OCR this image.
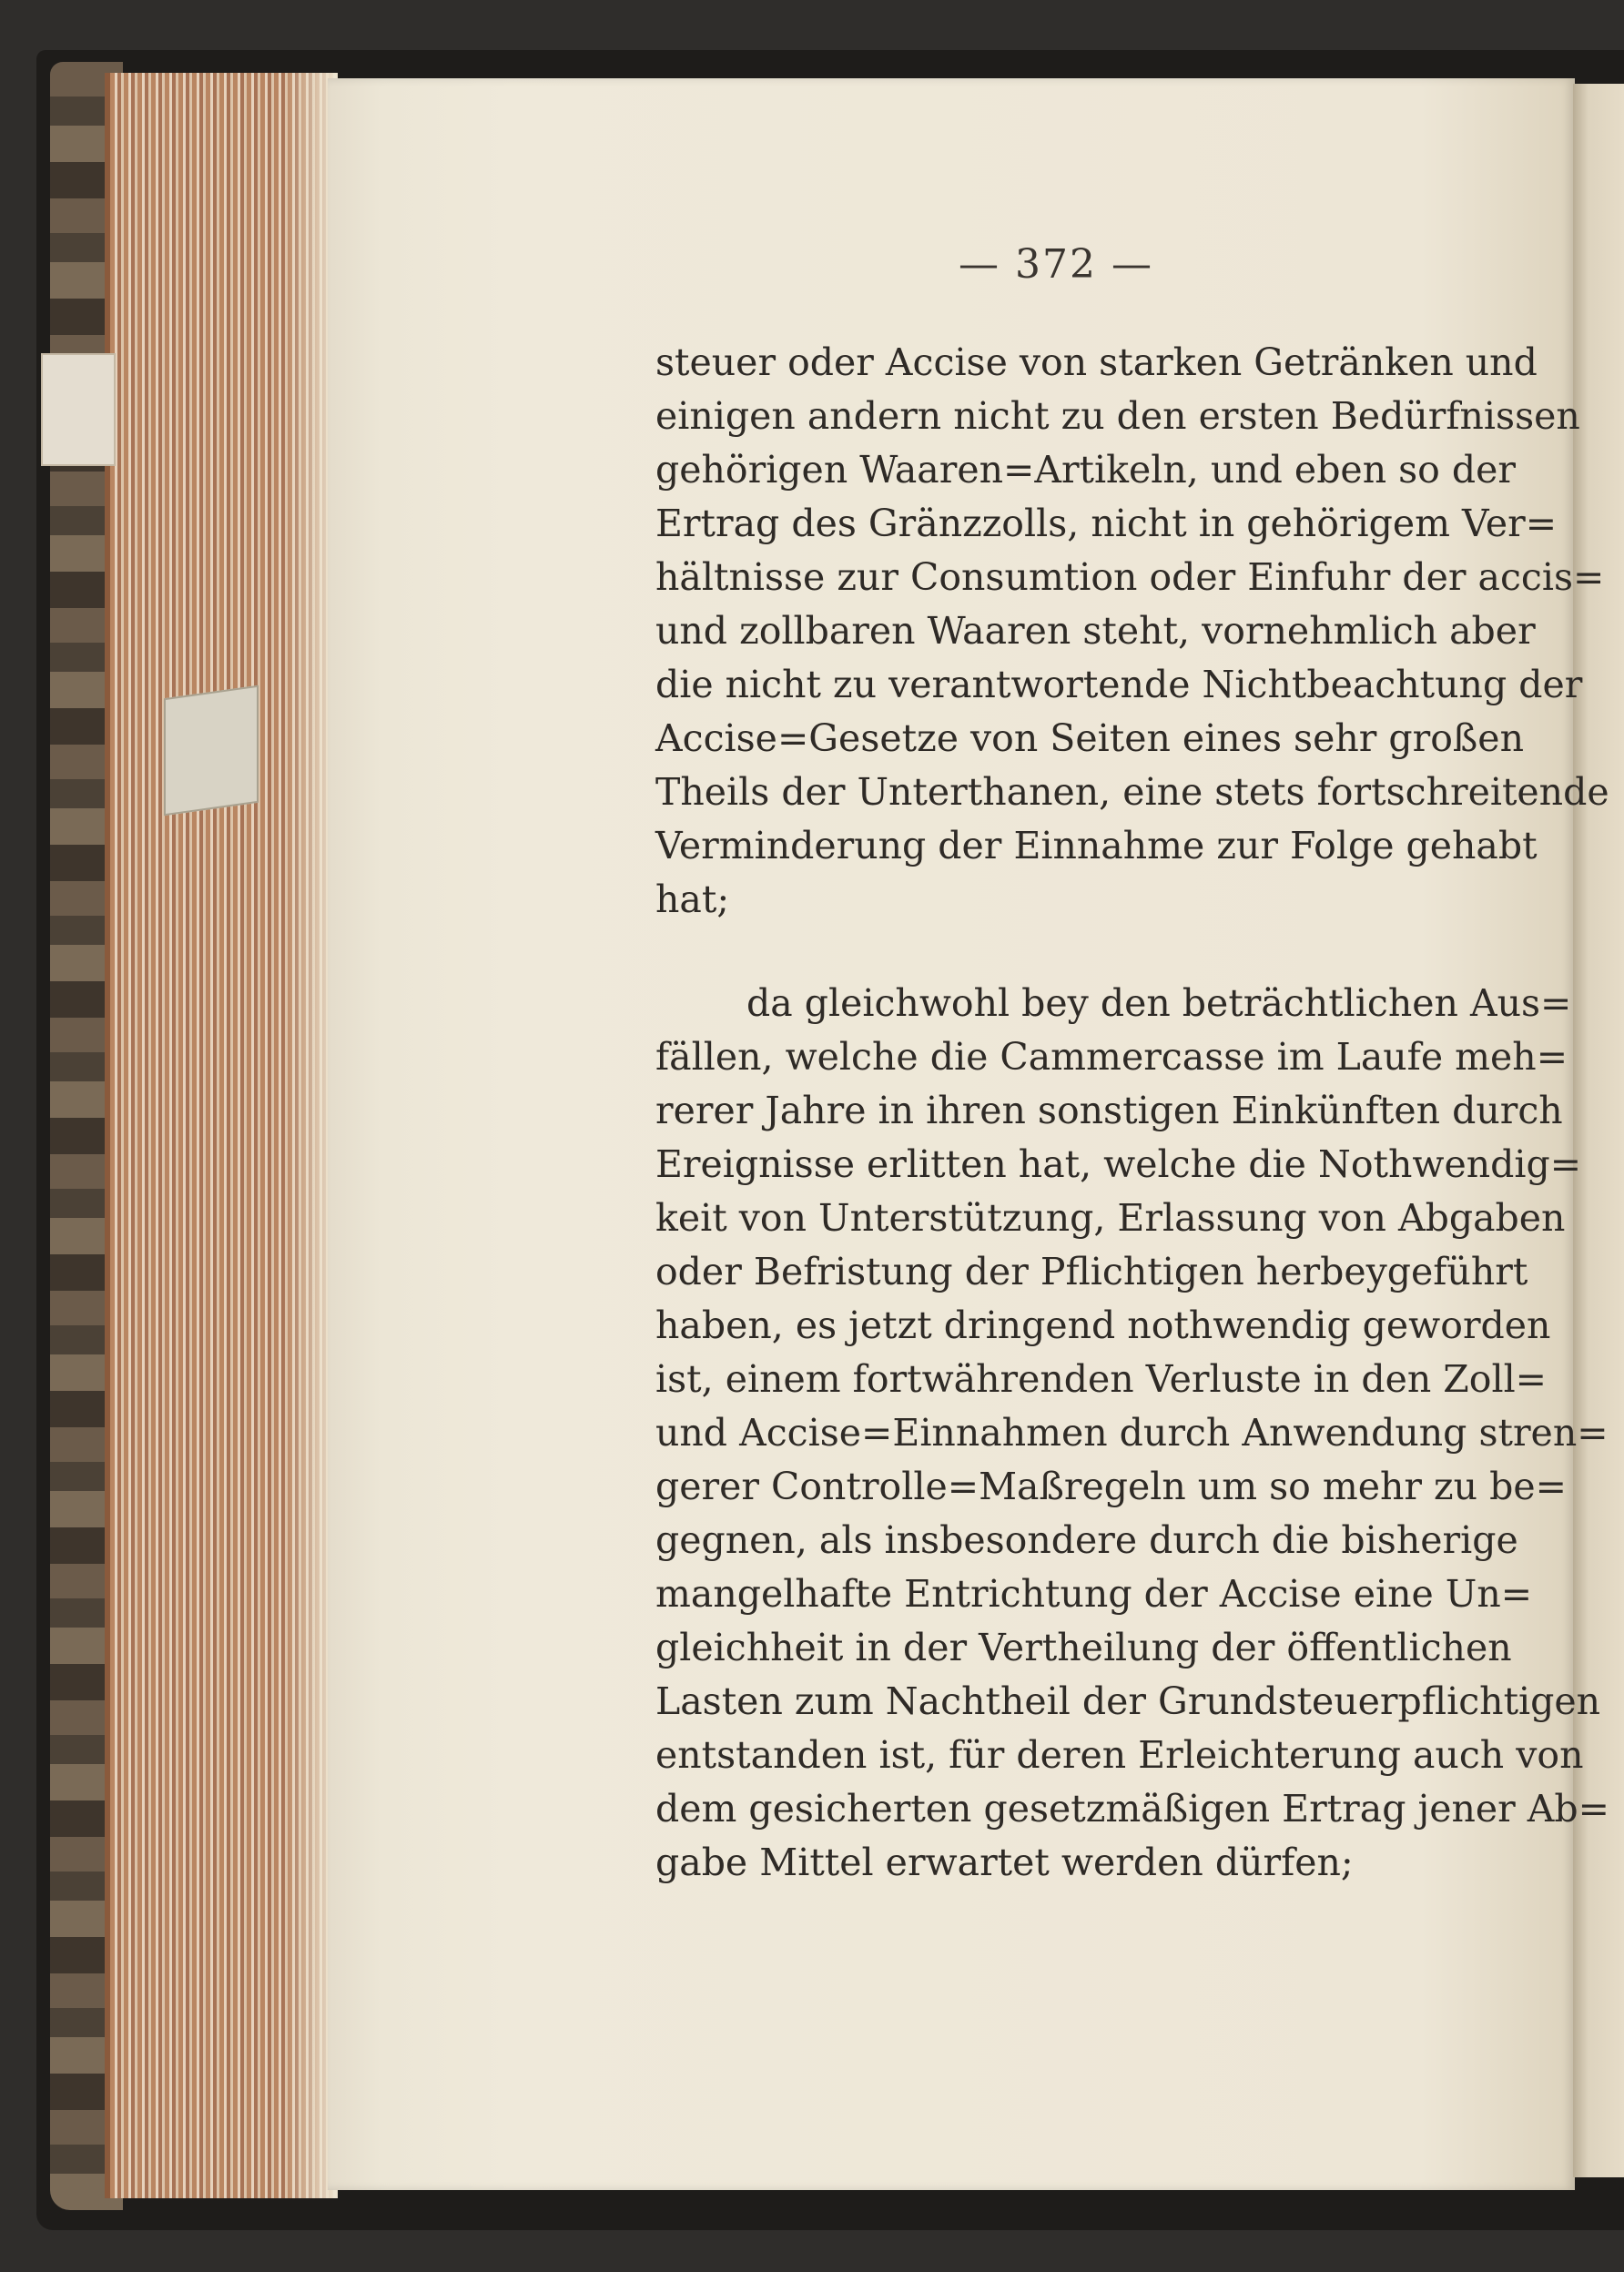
— 372 —
steuer oder Accise von starken Getränken und
einigen andern nicht zu den ersten Bedürfnissen
gehörigen Waaren=Artikeln, und eben so der
Ertrag des Gränzzolls, nicht in gehörigem Ver=
hältnisse zur Consumtion oder Einfuhr der accis=
und zollbaren Waaren steht, vornehmlich aber
die nicht zu verantwortende Nichtbeachtung der
Accise=Gesetze von Seiten eines sehr großen
Theils der Unterthanen, eine stets fortschreitende
Verminderung der Einnahme zur Folge gehabt
hat;
da gleichwohl bey den beträchtlichen Aus=
fällen, welche die Cammercasse im Laufe meh=
rerer Jahre in ihren sonstigen Einkünften durch
Ereignisse erlitten hat, welche die Nothwendig=
keit von Unterstützung, Erlassung von Abgaben
oder Befristung der Pflichtigen herbeygeführt
haben, es jetzt dringend nothwendig geworden
ist, einem fortwährenden Verluste in den Zoll=
und Accise=Einnahmen durch Anwendung stren=
gerer Controlle=Maßregeln um so mehr zu be=
gegnen, als insbesondere durch die bisherige
mangelhafte Entrichtung der Accise eine Un=
gleichheit in der Vertheilung der öffentlichen
Lasten zum Nachtheil der Grundsteuerpflichtigen
entstanden ist, für deren Erleichterung auch von
dem gesicherten gesetzmäßigen Ertrag jener Ab=
gabe Mittel erwartet werden dürfen;
